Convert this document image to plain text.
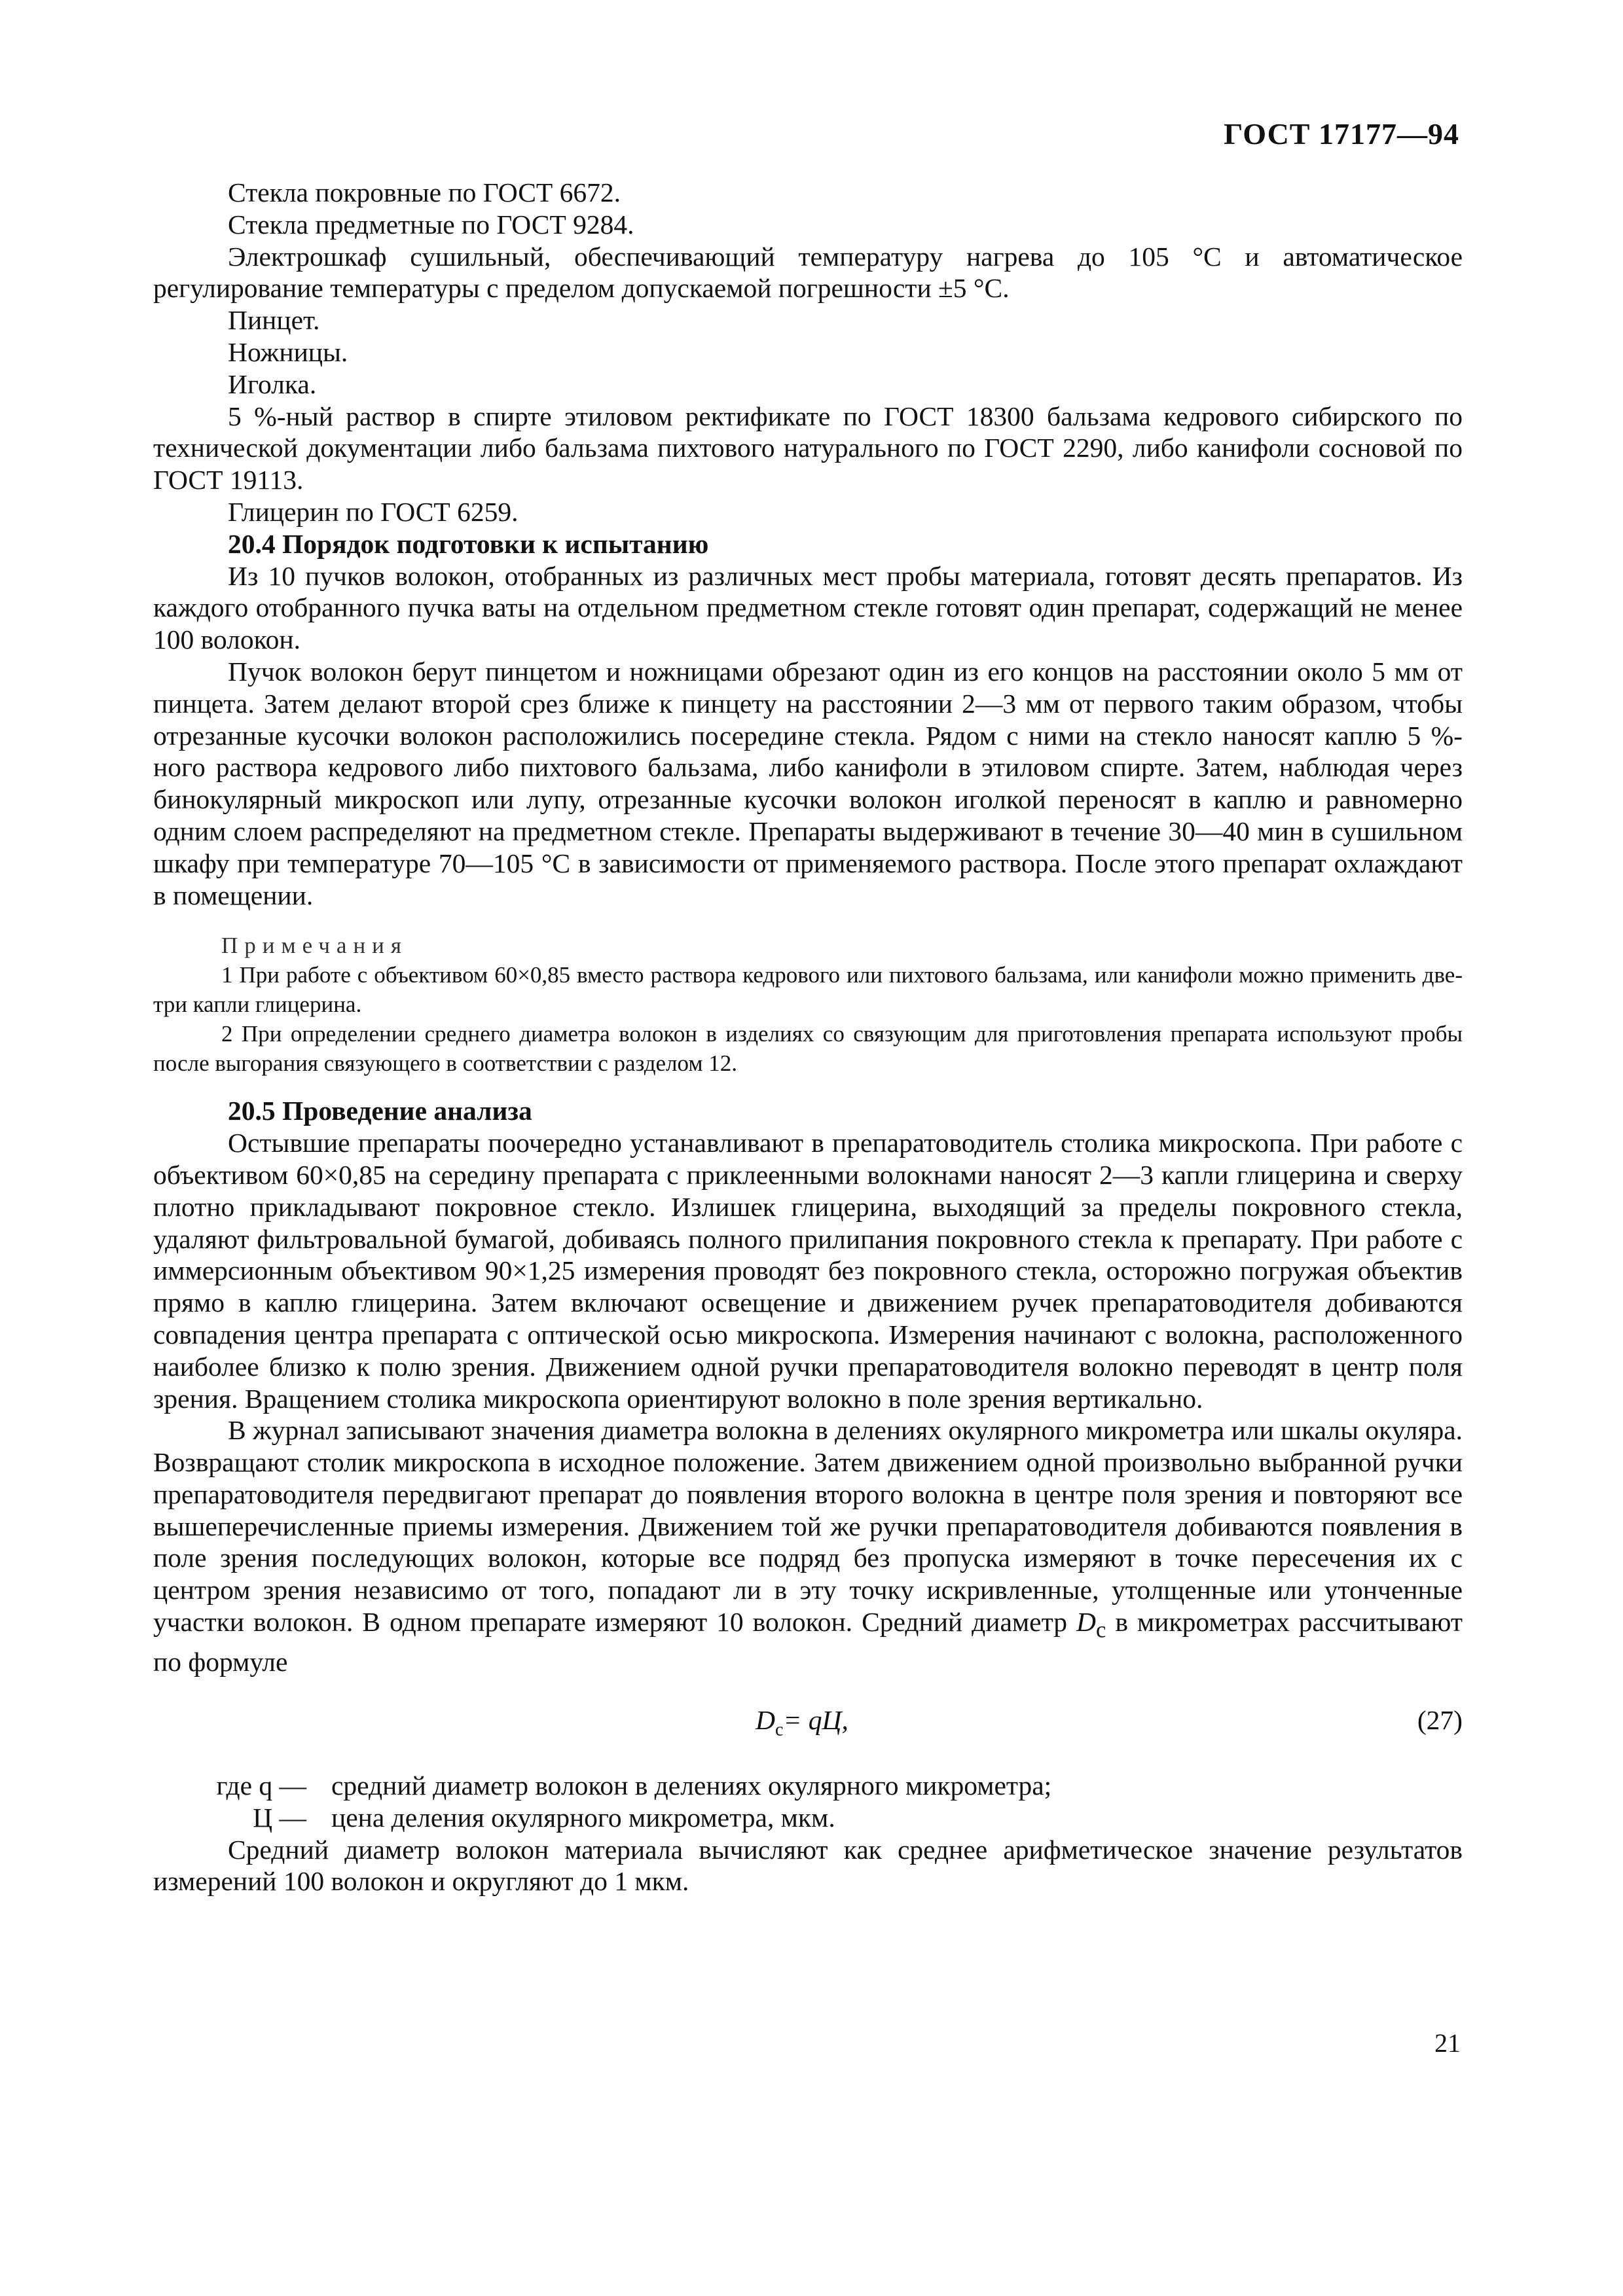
ГОСТ 17177—94

Стекла покровные по ГОСТ 6672.

Стекла предметные по ГОСТ 9284.

Электрошкаф сушильный, обеспечивающий температуру нагрева до 105 °С и автоматическое регулирование температуры с пределом допускаемой погрешности ±5 °С.

Пинцет.

Ножницы.

Иголка.

5 %-ный раствор в спирте этиловом ректификате по ГОСТ 18300 бальзама кедрового сибирского по технической документации либо бальзама пихтового натурального по ГОСТ 2290, либо канифоли сосновой по ГОСТ 19113.

Глицерин по ГОСТ 6259.

20.4 Порядок подготовки к испытанию

Из 10 пучков волокон, отобранных из различных мест пробы материала, готовят десять препаратов. Из каждого отобранного пучка ваты на отдельном предметном стекле готовят один препарат, содержащий не менее 100 волокон.

Пучок волокон берут пинцетом и ножницами обрезают один из его концов на расстоянии около 5 мм от пинцета. Затем делают второй срез ближе к пинцету на расстоянии 2—3 мм от первого таким образом, чтобы отрезанные кусочки волокон расположились посередине стекла. Рядом с ними на стекло наносят каплю 5 %-ного раствора кедрового либо пихтового бальзама, либо канифоли в этиловом спирте. Затем, наблюдая через бинокулярный микроскоп или лупу, отрезанные кусочки волокон иголкой переносят в каплю и равномерно одним слоем распределяют на предметном стекле. Препараты выдерживают в течение 30—40 мин в сушильном шкафу при температуре 70—105 °С в зависимости от применяемого раствора. После этого препарат охлаждают в помещении.

Примечания

1 При работе с объективом 60×0,85 вместо раствора кедрового или пихтового бальзама, или канифоли можно применить две-три капли глицерина.

2 При определении среднего диаметра волокон в изделиях со связующим для приготовления препарата используют пробы после выгорания связующего в соответствии с разделом 12.

20.5 Проведение анализа

Остывшие препараты поочередно устанавливают в препаратоводитель столика микроскопа. При работе с объективом 60×0,85 на середину препарата с приклеенными волокнами наносят 2—3 капли глицерина и сверху плотно прикладывают покровное стекло. Излишек глицерина, выходящий за пределы покровного стекла, удаляют фильтровальной бумагой, добиваясь полного прилипания покровного стекла к препарату. При работе с иммерсионным объективом 90×1,25 измерения проводят без покровного стекла, осторожно погружая объектив прямо в каплю глицерина. Затем включают освещение и движением ручек препаратоводителя добиваются совпадения центра препарата с оптической осью микроскопа. Измерения начинают с волокна, расположенного наиболее близко к полю зрения. Движением одной ручки препаратоводителя волокно переводят в центр поля зрения. Вращением столика микроскопа ориентируют волокно в поле зрения вертикально.

В журнал записывают значения диаметра волокна в делениях окулярного микрометра или шкалы окуляра. Возвращают столик микроскопа в исходное положение. Затем движением одной произвольно выбранной ручки препаратоводителя передвигают препарат до появления второго волокна в центре поля зрения и повторяют все вышеперечисленные приемы измерения. Движением той же ручки препаратоводителя добиваются появления в поле зрения последующих волокон, которые все подряд без пропуска измеряют в точке пересечения их с центром зрения независимо от того, попадают ли в эту точку искривленные, утолщенные или утонченные участки волокон. В одном препарате измеряют 10 волокон. Средний диаметр $D_с$ в микрометрах рассчитывают по формуле

$D_с=$ qЦ,	(27)
где q — средний диаметр волокон в делениях окулярного микрометра;
Ц — цена деления окулярного микрометра, мкм.

Средний диаметр волокон материала вычисляют как среднее арифметическое значение результатов измерений 100 волокон и округляют до 1 мкм.

21
